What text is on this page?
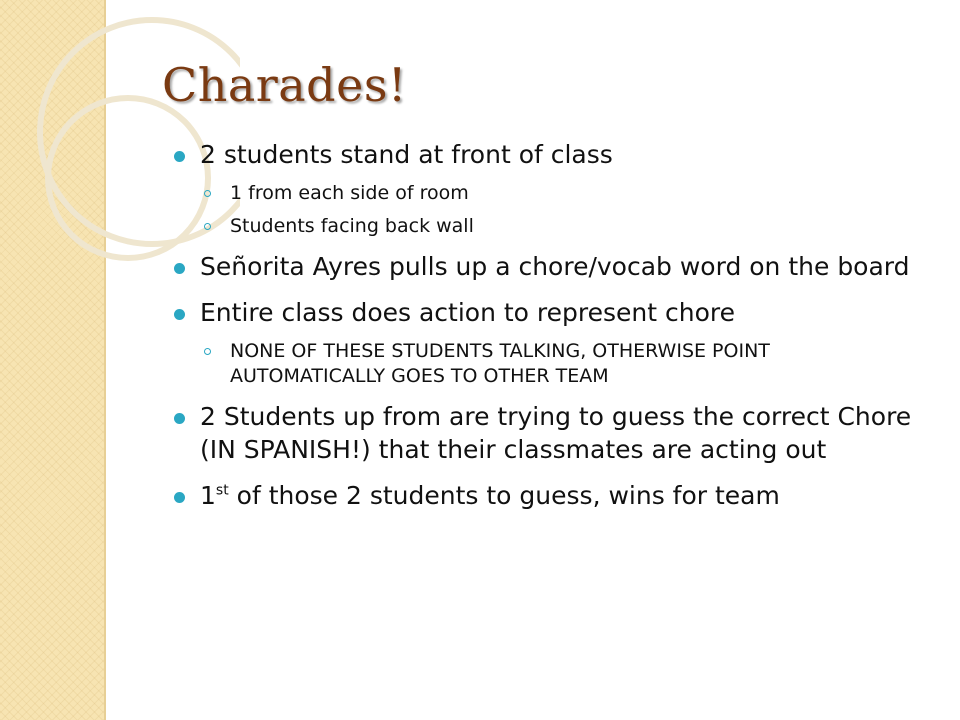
Charades!
2 students stand at front of class
1 from each side of room
Students facing back wall
Señorita Ayres pulls up a chore/vocab word on the board
Entire class does action to represent chore
NONE OF THESE STUDENTS TALKING, OTHERWISE POINT AUTOMATICALLY GOES TO OTHER TEAM
2 Students up from are trying to guess the correct Chore (IN SPANISH!) that their classmates are acting out
1st of those 2 students to guess, wins for team
